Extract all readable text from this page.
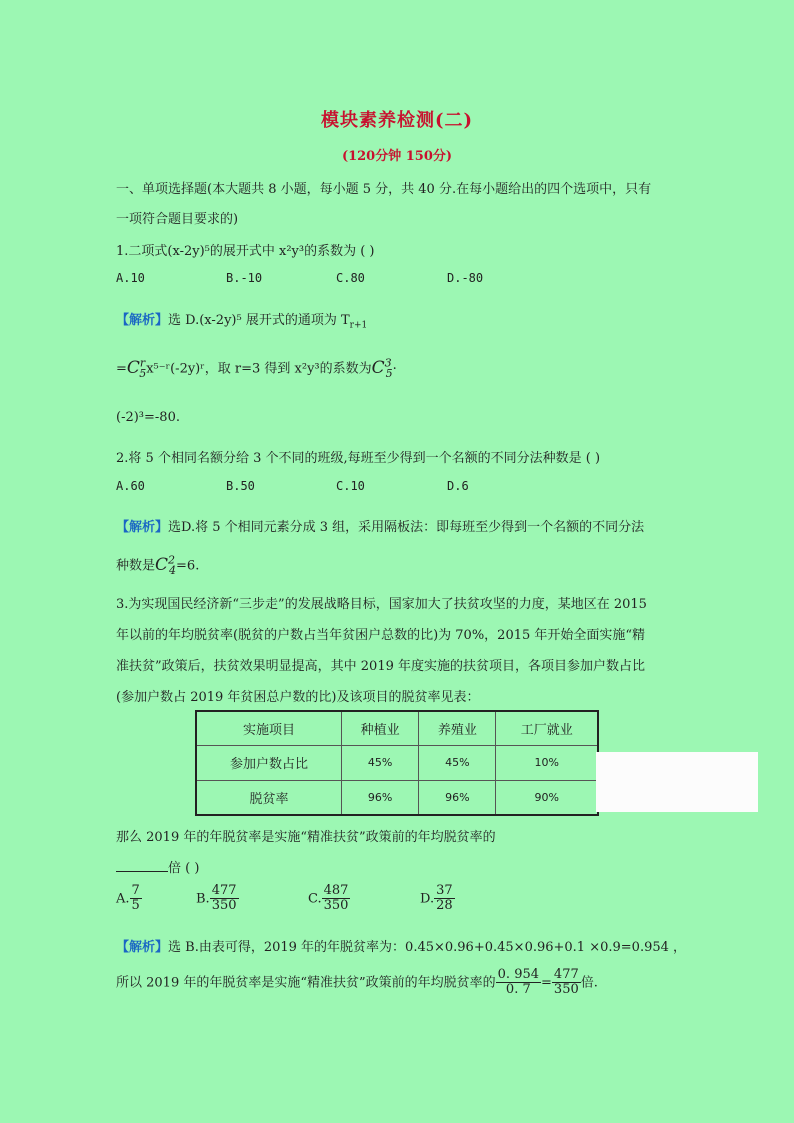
模块素养检测(二)
(120分钟 150分)
一、单项选择题(本大题共 8 小题，每小题 5 分，共 40 分.在每小题给出的四个选项中，只有
一项符合题目要求的)
1.二项式(x-2y)⁵的展开式中 x²y³的系数为 ( )
A.10	B.-10	C.80	D.-80
【解析】选 D.(x-2y)⁵ 展开式的通项为 $T_{r+1}$
$=C^r_5x^{5-}ʳ(-2y)ʳ$，取 r=3 得到 x²y³的系数为$C^3_5\cdot$
(-2)³=-80.
2.将 5 个相同名额分给 3 个不同的班级,每班至少得到一个名额的不同分法种数是 ( )
A.60	B.50	C.10	D.6
【解析】选D.将 5 个相同元素分成 3 组，采用隔板法：即每班至少得到一个名额的不同分法
种数是$C^2_4=6$.
3.为实现国民经济新“三步走”的发展战略目标，国家加大了扶贫攻坚的力度，某地区在 2015
年以前的年均脱贫率(脱贫的户数占当年贫困户总数的比)为 70%，2015 年开始全面实施“精
准扶贫”政策后，扶贫效果明显提高，其中 2019 年度实施的扶贫项目，各项目参加户数占比
(参加户数占 2019 年贫困总户数的比)及该项目的脱贫率见表：
实施项目	种植业	养殖业	工厂就业
参加户数占比	45%	45%	10%
脱贫率	96%	96%	90%
那么 2019 年的年脱贫率是实施“精准扶贫”政策前的年均脱贫率的
倍 ( )
A. $\frac{7}{5}$	B. $\frac{477}{350}$	C. $\frac{487}{350}$	D. $\frac{37}{28}$
【解析】选 B.由表可得，2019 年的年脱贫率为：0.45×0.96+0.45×0.96+0.1 ×0.9=0.954 ，
所以 2019 年的年脱贫率是实施“精准扶贫”政策前的年均脱贫率的 $\frac{0. 954}{0. 7} = \frac{477}{350}$ 倍.
